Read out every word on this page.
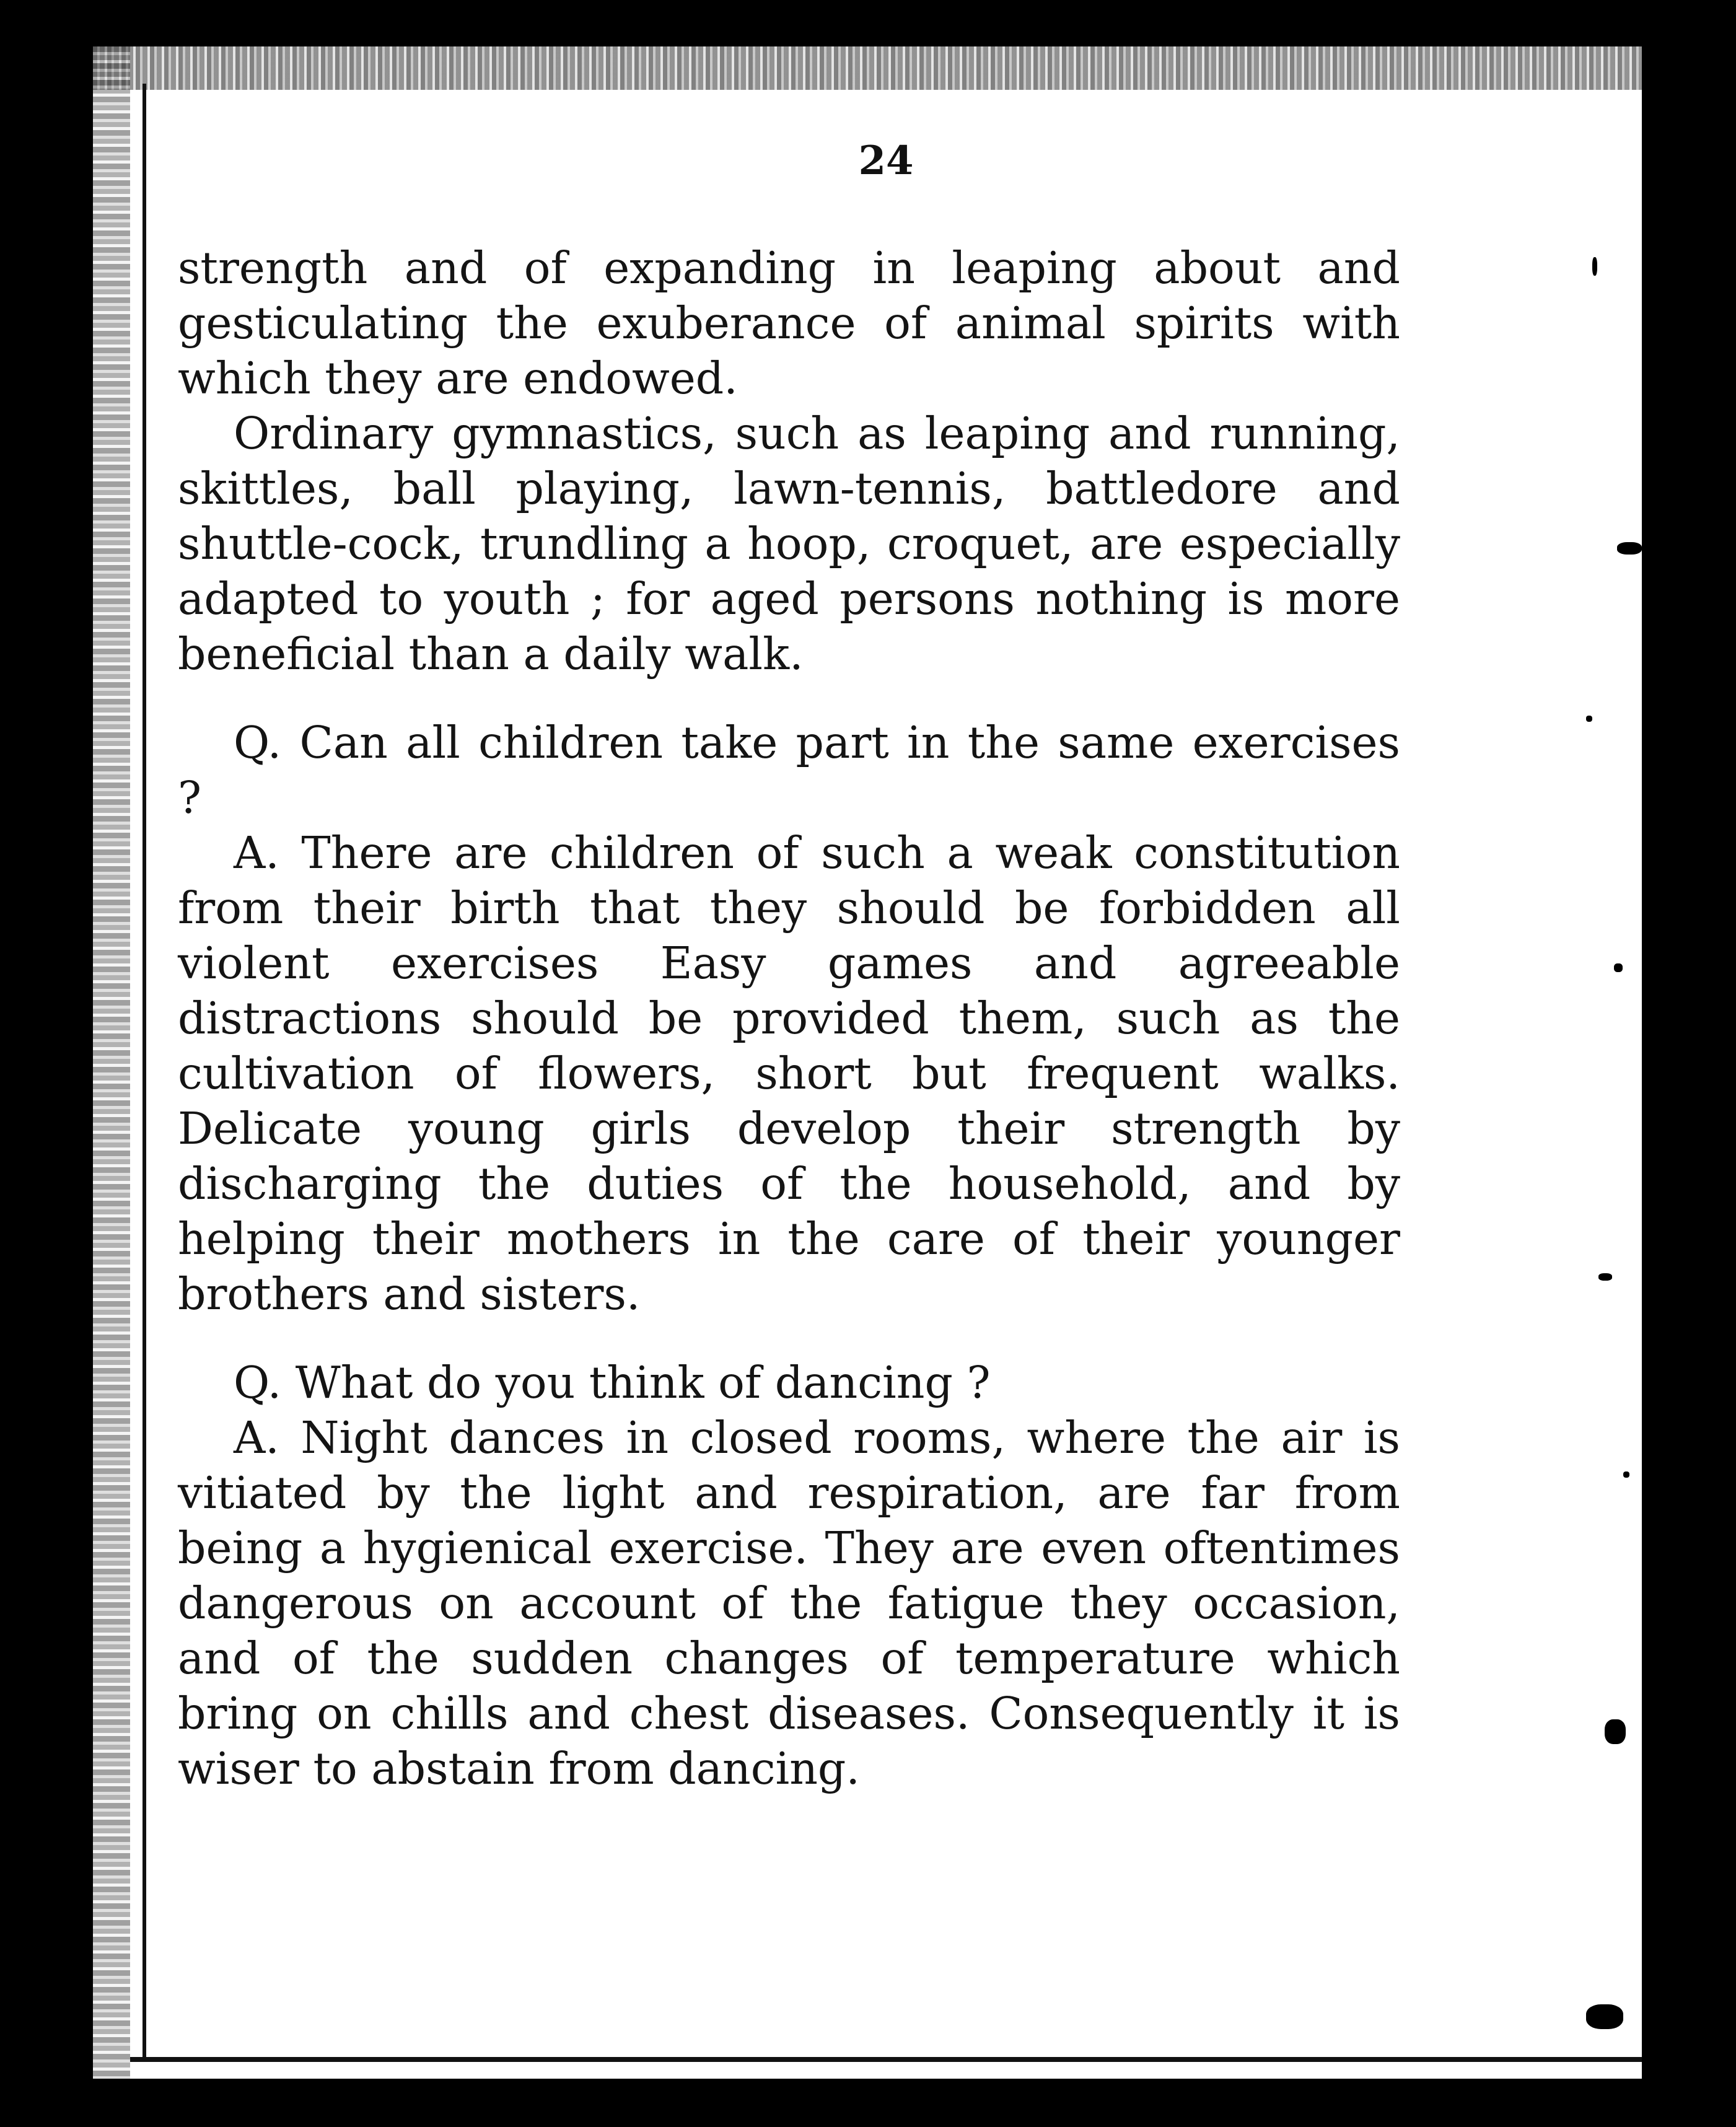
24

strength and of expanding in leaping about and gesticulating the exuberance of animal spirits with which they are endowed.

Ordinary gymnastics, such as leaping and running, skittles, ball playing, lawn-tennis, battledore and shuttle-cock, trundling a hoop, croquet, are especially adapted to youth ; for aged persons nothing is more beneficial than a daily walk.

Q. Can all children take part in the same exercises ?

A. There are children of such a weak constitution from their birth that they should be forbidden all violent exercises Easy games and agreeable distractions should be provided them, such as the cultivation of flowers, short but frequent walks. Delicate young girls develop their strength by discharging the duties of the household, and by helping their mothers in the care of their younger brothers and sisters.

Q. What do you think of dancing ?

A. Night dances in closed rooms, where the air is vitiated by the light and respiration, are far from being a hygienical exercise. They are even oftentimes dangerous on account of the fatigue they occasion, and of the sudden changes of temperature which bring on chills and chest diseases. Consequently it is wiser to abstain from dancing.
